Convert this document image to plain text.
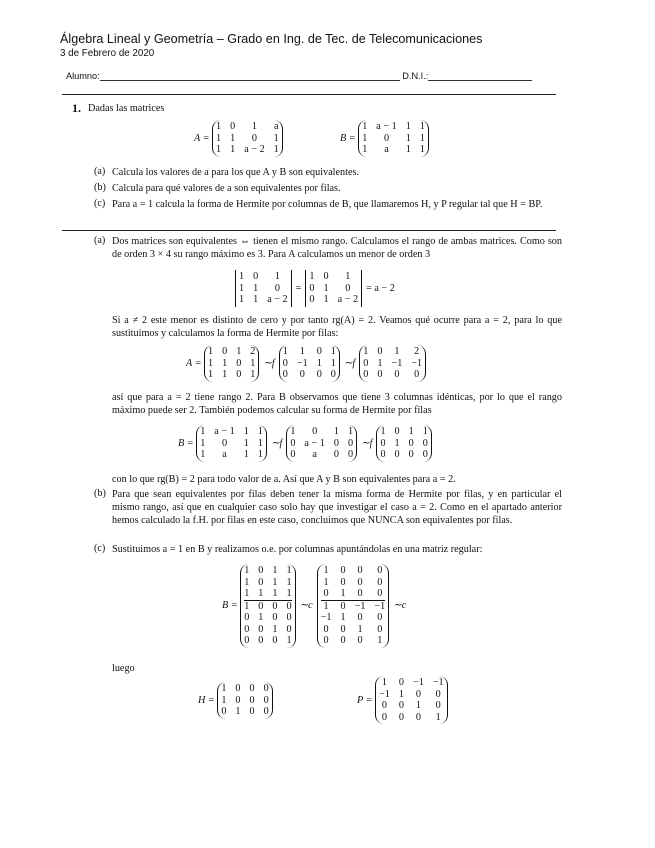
Álgebra Lineal y Geometría – Grado en Ing. de Tec. de Telecomunicaciones
3 de Febrero de 2020
Alumno:	D.N.I.:
1. Dadas las matrices
A =

1 0	1	a
1 1	0	1
1 1 a − 2 1
B =

1 a − 1 1 1
1	0	1 1
1	a	1 1
(a) Calcula los valores de a para los que A y B son equivalentes.
(b) Calcula para qué valores de a son equivalentes por filas.
(c) Para a = 1 calcula la forma de Hermite por columnas de B, que llamaremos H, y P regular tal que H = BP.
(a) Dos matrices son equivalentes ⇔ tienen el mismo rango. Calculamos el rango de ambas matrices. Como son de orden 3 × 4 su rango máximo es 3. Para A calculamos un menor de orden 3
1 0	1
1 1	0
1 1 a − 2
=
1 0	1
0 1	0
0 1 a − 2
= a − 2
Si a ≠ 2 este menor es distinto de cero y por tanto rg(A) = 2. Veamos qué ocurre para a = 2, para lo que sustituimos y calculamos la forma de Hermite por filas:
A =

1 0 1 2
1 1 0 1
1 1 0 1
∼f
1 1 0 1
0 −1 1 1
0 0 0 0
∼f
1 0 1 2
0 1 −1 −1
0 0 0 0
así que para a = 2 tiene rango 2. Para B observamos que tiene 3 columnas idénticas, por lo que el rango máximo puede ser 2. También podemos calcular su forma de Hermite por filas
B =

1 a − 1 1 1
1	0	1 1
1	a	1 1
∼f
1	0	1 1
0 a − 1 0 0
0	a	0 0
∼f
1 0 1 1
0 1 0 0
0 0 0 0
con lo que rg(B) = 2 para todo valor de a. Así que A y B son equivalentes para a = 2.
(b) Para que sean equivalentes por filas deben tener la misma forma de Hermite por filas, y en particular el mismo rango, así que en cualquier caso solo hay que investigar el caso a = 2. Como en el apartado anterior hemos calculado la f.H. por filas en este caso, concluimos que NUNCA son equivalentes por filas.
(c) Sustituimos a = 1 en B y realizamos o.e. por columnas apuntándolas en una matriz regular:
B =

1 0 1 1
1 0 1 1
1 1 1 1
1 0 0 0
0 1 0 0
0 0 1 0
0 0 0 1
∼c
1 0 0 0
1 0 0 0
0 1 0 0
1 0 −1 −1
−1 1 0 0
0 0 1 0
0 0 0 1
∼c
luego
H =

1 0 0 0
1 0 0 0
0 1 0 0
P =

1 0 −1 −1
−1 1 0 0
0 0 1 0
0 0 0 1
